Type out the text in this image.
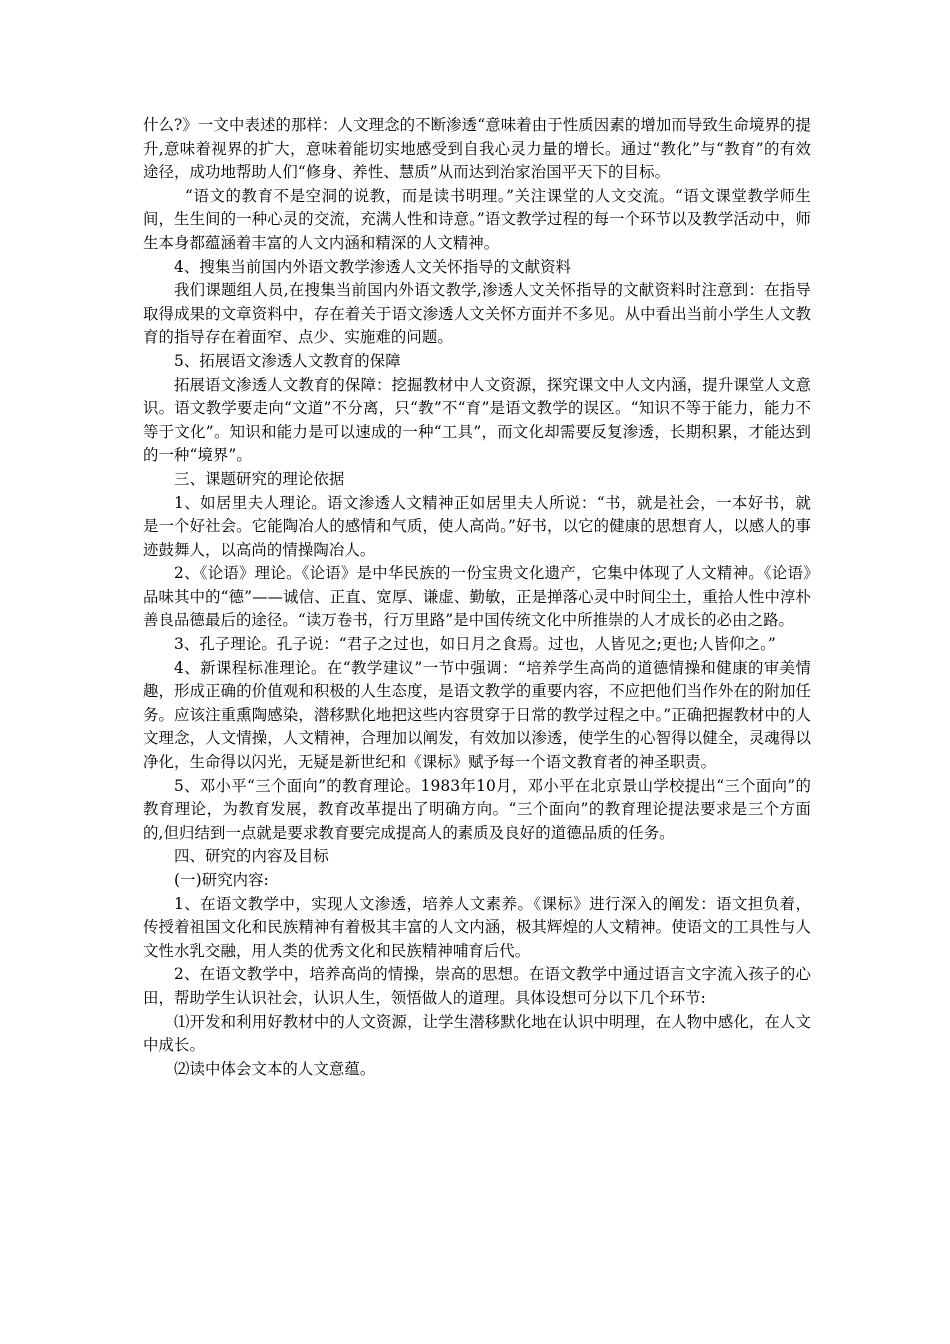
什么?》一文中表述的那样：人文理念的不断渗透“意味着由于性质因素的增加而导致生命境界的提升,意味着视界的扩大，意味着能切实地感受到自我心灵力量的增长。通过“教化”与“教育”的有效途径，成功地帮助人们“修身、养性、慧质”从而达到治家治国平天下的目标。

“语文的教育不是空洞的说教，而是读书明理。”关注课堂的人文交流。“语文课堂教学师生间，生生间的一种心灵的交流，充满人性和诗意。”语文教学过程的每一个环节以及教学活动中，师生本身都蕴涵着丰富的人文内涵和精深的人文精神。

4、搜集当前国内外语文教学渗透人文关怀指导的文献资料

我们课题组人员,在搜集当前国内外语文教学,渗透人文关怀指导的文献资料时注意到：在指导取得成果的文章资料中，存在着关于语文渗透人文关怀方面并不多见。从中看出当前小学生人文教育的指导存在着面窄、点少、实施难的问题。

5、拓展语文渗透人文教育的保障

拓展语文渗透人文教育的保障：挖掘教材中人文资源，探究课文中人文内涵，提升课堂人文意识。语文教学要走向“文道”不分离，只“教”不“育”是语文教学的误区。“知识不等于能力，能力不等于文化”。知识和能力是可以速成的一种“工具”，而文化却需要反复渗透，长期积累，才能达到的一种“境界”。

三、课题研究的理论依据

1、如居里夫人理论。语文渗透人文精神正如居里夫人所说：“书，就是社会，一本好书，就是一个好社会。它能陶冶人的感情和气质，使人高尚。”好书，以它的健康的思想育人，以感人的事迹鼓舞人，以高尚的情操陶冶人。

2、《论语》理论。《论语》是中华民族的一份宝贵文化遗产，它集中体现了人文精神。《论语》品味其中的“德”——诚信、正直、宽厚、谦虚、勤敏，正是掸落心灵中时间尘土，重拾人性中淳朴善良品德最后的途径。“读万卷书，行万里路”是中国传统文化中所推崇的人才成长的必由之路。

3、孔子理论。孔子说：“君子之过也，如日月之食焉。过也，人皆见之;更也;人皆仰之。”

4、新课程标准理论。在“教学建议”一节中强调：“培养学生高尚的道德情操和健康的审美情趣，形成正确的价值观和积极的人生态度，是语文教学的重要内容，不应把他们当作外在的附加任务。应该注重熏陶感染，潜移默化地把这些内容贯穿于日常的教学过程之中。”正确把握教材中的人文理念，人文情操，人文精神，合理加以阐发，有效加以渗透，使学生的心智得以健全，灵魂得以净化，生命得以闪光，无疑是新世纪和《课标》赋予每一个语文教育者的神圣职责。

5、邓小平“三个面向”的教育理论。1983年10月，邓小平在北京景山学校提出“三个面向”的教育理论，为教育发展，教育改革提出了明确方向。“三个面向”的教育理论提法要求是三个方面的,但归结到一点就是要求教育要完成提高人的素质及良好的道德品质的任务。

四、研究的内容及目标

(一)研究内容:

1、在语文教学中，实现人文渗透，培养人文素养。《课标》进行深入的阐发：语文担负着，传授着祖国文化和民族精神有着极其丰富的人文内涵，极其辉煌的人文精神。使语文的工具性与人文性水乳交融，用人类的优秀文化和民族精神哺育后代。

2、在语文教学中，培养高尚的情操，崇高的思想。在语文教学中通过语言文字流入孩子的心田，帮助学生认识社会，认识人生，领悟做人的道理。具体设想可分以下几个环节:

⑴开发和利用好教材中的人文资源，让学生潜移默化地在认识中明理，在人物中感化，在人文中成长。

⑵读中体会文本的人文意蕴。
